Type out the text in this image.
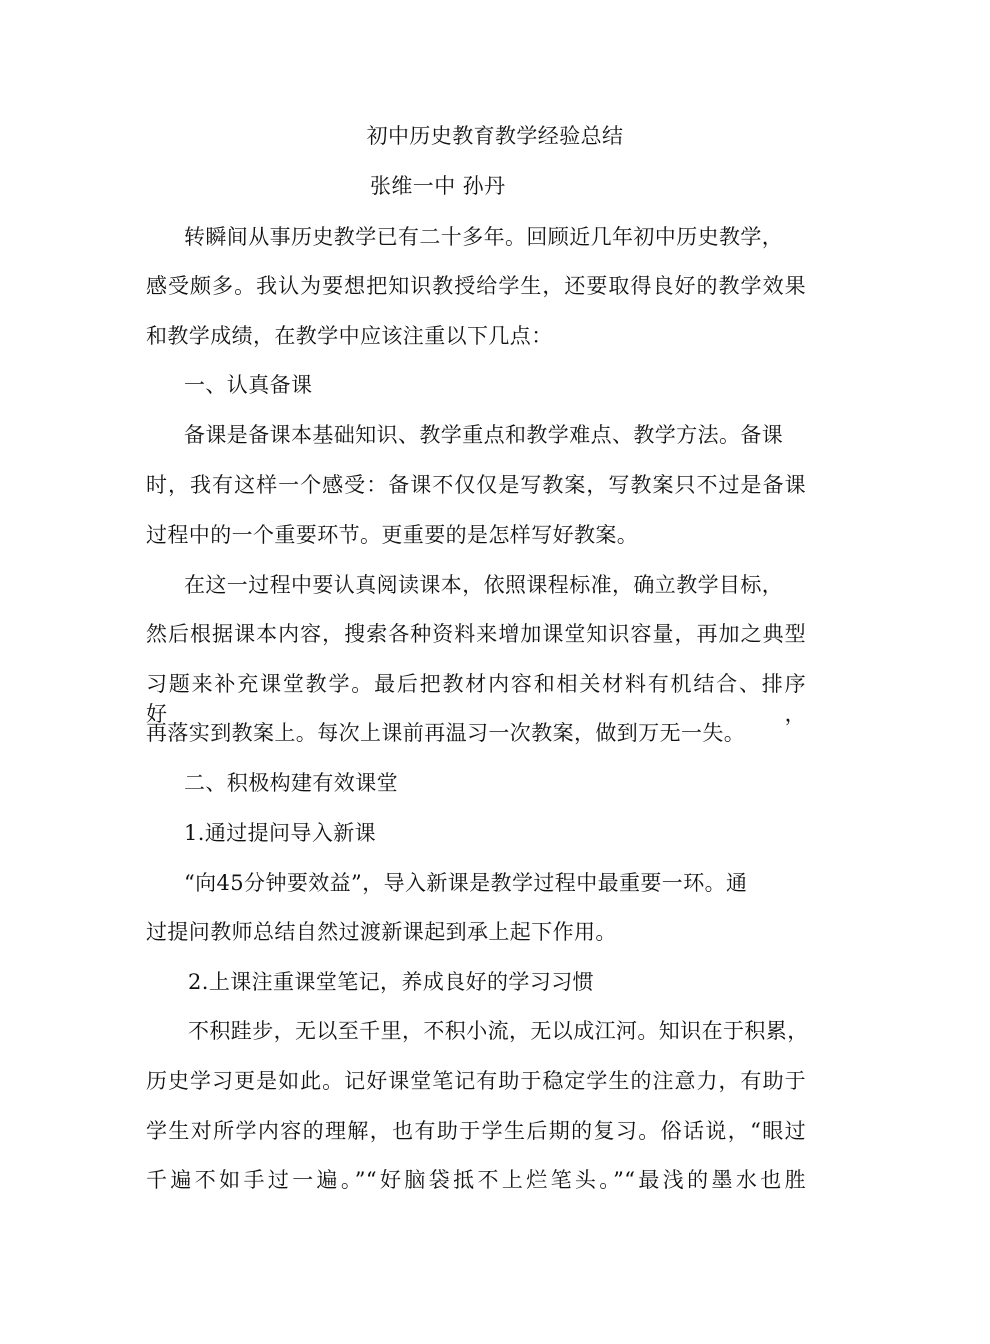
初中历史教育教学经验总结
张维一中 孙丹
转瞬间从事历史教学已有二十多年。回顾近几年初中历史教学，
感受颇多。我认为要想把知识教授给学生，还要取得良好的教学效果
和教学成绩，在教学中应该注重以下几点：
一、认真备课
备课是备课本基础知识、教学重点和教学难点、教学方法。备课
时，我有这样一个感受：备课不仅仅是写教案，写教案只不过是备课
过程中的一个重要环节。更重要的是怎样写好教案。
在这一过程中要认真阅读课本，依照课程标准，确立教学目标，
然后根据课本内容，搜索各种资料来增加课堂知识容量，再加之典型
习题来补充课堂教学。最后把教材内容和相关材料有机结合、排序好，
再落实到教案上。每次上课前再温习一次教案，做到万无一失。
二、积极构建有效课堂
1.通过提问导入新课
“向45分钟要效益”，导入新课是教学过程中最重要一环。通
过提问教师总结自然过渡新课起到承上起下作用。
2.上课注重课堂笔记，养成良好的学习习惯
不积跬步，无以至千里，不积小流，无以成江河。知识在于积累，
历史学习更是如此。记好课堂笔记有助于稳定学生的注意力，有助于
学生对所学内容的理解，也有助于学生后期的复习。俗话说，“眼过
千遍不如手过一遍。”“好脑袋抵不上烂笔头。”“最浅的墨水也胜
